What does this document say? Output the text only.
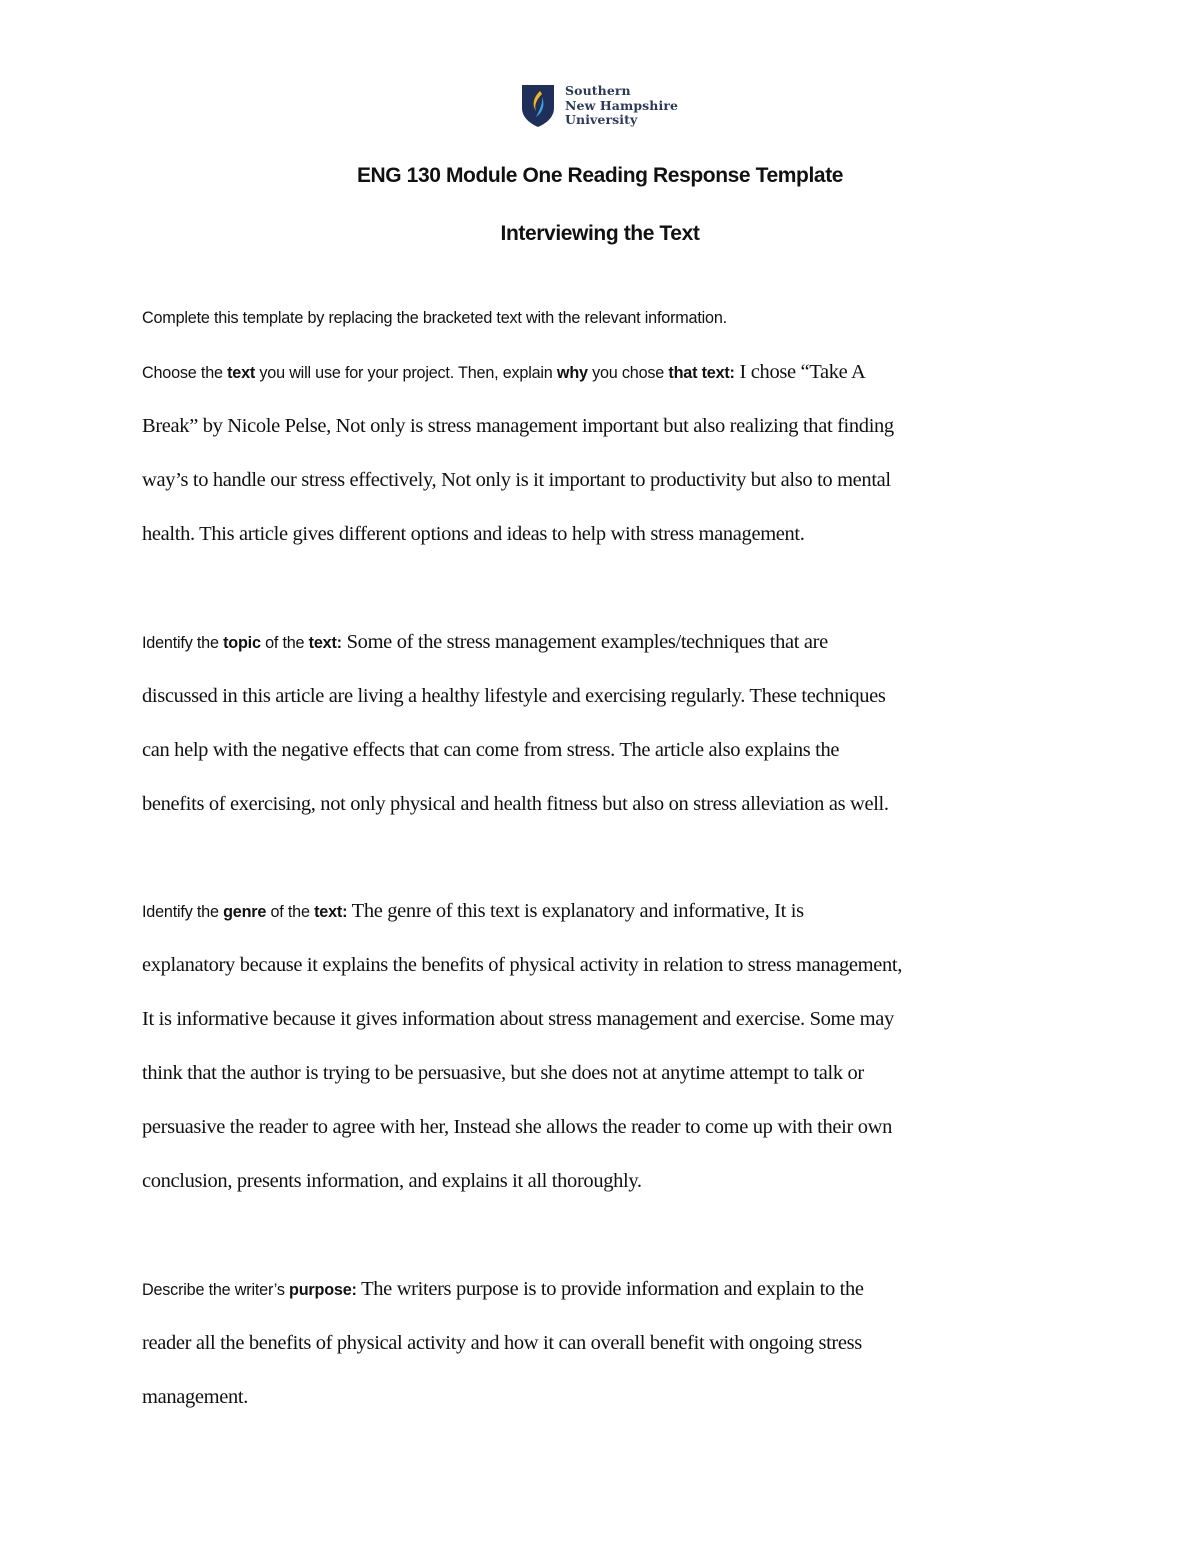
Southern
New Hampshire
University
ENG 130 Module One Reading Response Template
Interviewing the Text
Complete this template by replacing the bracketed text with the relevant information.
Choose the text you will use for your project. Then, explain why you chose that text: I chose “Take A
Break” by Nicole Pelse, Not only is stress management important but also realizing that finding
way’s to handle our stress effectively, Not only is it important to productivity but also to mental
health. This article gives different options and ideas to help with stress management.
Identify the topic of the text: Some of the stress management examples/techniques that are
discussed in this article are living a healthy lifestyle and exercising regularly. These techniques
can help with the negative effects that can come from stress. The article also explains the
benefits of exercising, not only physical and health fitness but also on stress alleviation as well.
Identify the genre of the text: The genre of this text is explanatory and informative, It is
explanatory because it explains the benefits of physical activity in relation to stress management,
It is informative because it gives information about stress management and exercise. Some may
think that the author is trying to be persuasive, but she does not at anytime attempt to talk or
persuasive the reader to agree with her, Instead she allows the reader to come up with their own
conclusion, presents information, and explains it all thoroughly.
Describe the writer’s purpose: The writers purpose is to provide information and explain to the
reader all the benefits of physical activity and how it can overall benefit with ongoing stress
management.
